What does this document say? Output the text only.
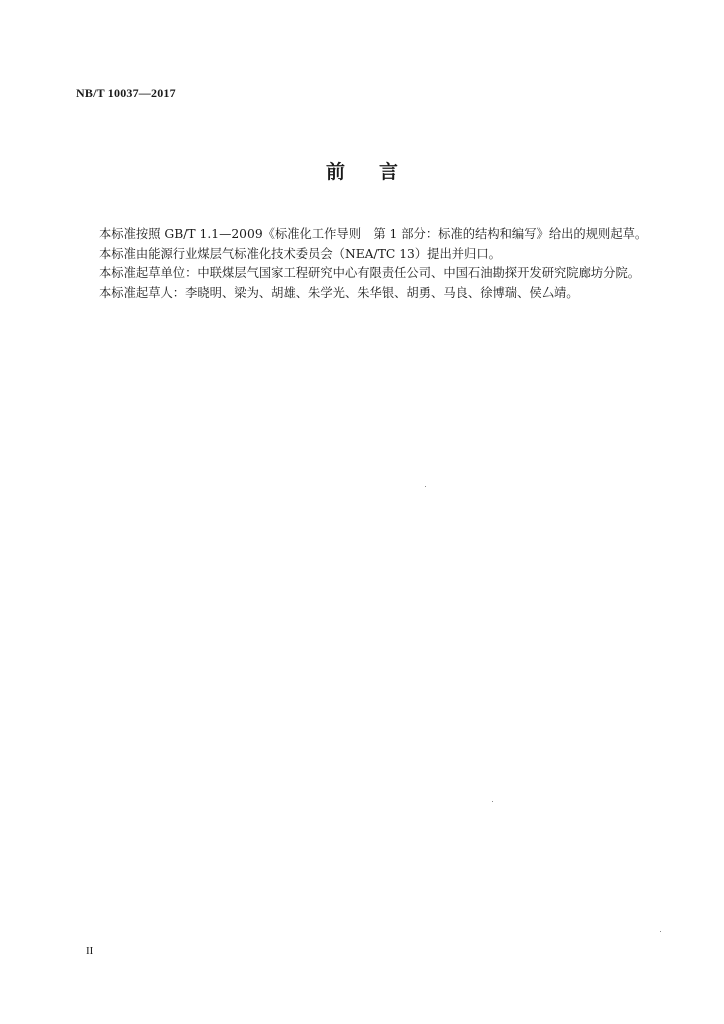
NB/T 10037—2017
前言
本标准按照 GB/T 1.1—2009《标准化工作导则　第 1 部分：标准的结构和编写》给出的规则起草。
本标准由能源行业煤层气标准化技术委员会（NEA/TC 13）提出并归口。
本标准起草单位：中联煤层气国家工程研究中心有限责任公司、中国石油勘探开发研究院廊坊分院。
本标准起草人：李晓明、梁为、胡雄、朱学光、朱华银、胡勇、马良、徐博瑞、侯厶靖。
II
